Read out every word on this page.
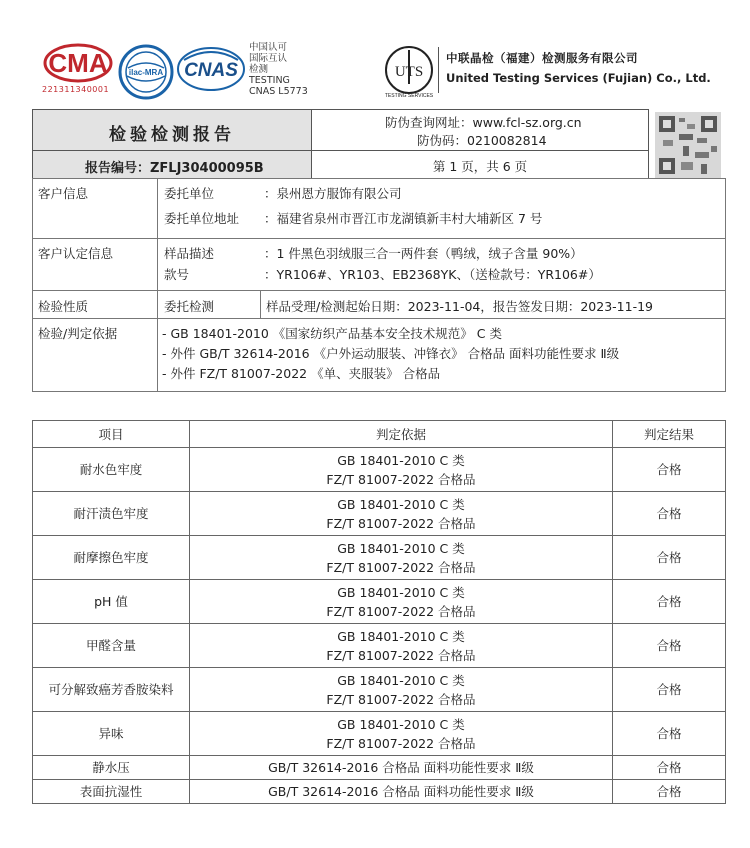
CMA
221311340001
ilac-MRA CNAS
中国认可
国际互认
检测
TESTING
CNAS L5773
UTS
TESTING SERVICES
中联晶检（福建）检测服务有限公司
United Testing Services (Fujian) Co., Ltd.
检验检测报告
报告编号：ZFLJ30400095B
防伪查询网址：www.fcl-sz.org.cn
防伪码：0210082814
第 1 页，共 6 页
客户信息	委托单位	：泉州恩方服饰有限公司
委托单位地址 ：福建省泉州市晋江市龙湖镇新丰村大埔新区 7 号
客户认定信息	样品描述	：1 件黑色羽绒服三合一两件套（鸭绒，绒子含量 90%）
款号	：YR106#、YR103、EB2368YK、（送检款号：YR106#）
检验性质	委托检测	样品受理/检测起始日期：2023-11-04，报告签发日期：2023-11-19
检验/判定依据	- GB 18401-2010 《国家纺织产品基本安全技术规范》 C 类
- 外件 GB/T 32614-2016 《户外运动服装、冲锋衣》 合格品 面料功能性要求 Ⅱ级
- 外件 FZ/T 81007-2022 《单、夹服装》 合格品
项目	判定依据	判定结果
耐水色牢度	GB 18401-2010 C 类
FZ/T 81007-2022 合格品	合格
耐汗渍色牢度	GB 18401-2010 C 类
FZ/T 81007-2022 合格品	合格
耐摩擦色牢度	GB 18401-2010 C 类
FZ/T 81007-2022 合格品	合格
pH 值	GB 18401-2010 C 类
FZ/T 81007-2022 合格品	合格
甲醛含量	GB 18401-2010 C 类
FZ/T 81007-2022 合格品	合格
可分解致癌芳香胺染料	GB 18401-2010 C 类
FZ/T 81007-2022 合格品	合格
异味	GB 18401-2010 C 类
FZ/T 81007-2022 合格品	合格
静水压	GB/T 32614-2016 合格品 面料功能性要求 Ⅱ级	合格
表面抗湿性	GB/T 32614-2016 合格品 面料功能性要求 Ⅱ级	合格
